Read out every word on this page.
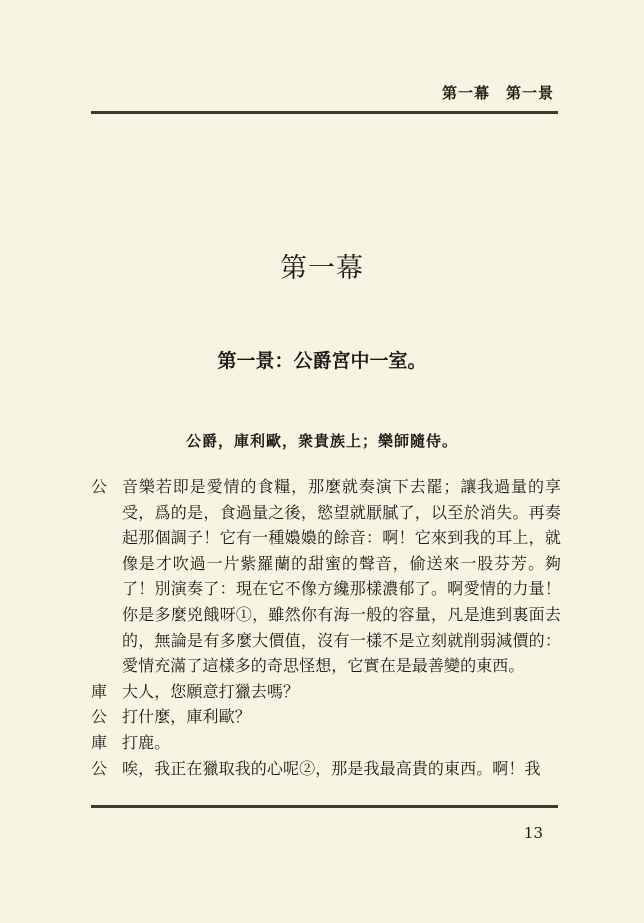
第一幕　第一景
第一幕
第一景：公爵宮中一室。
公爵，庫利歐，衆貴族上；樂師隨侍。
公 音樂若即是愛情的食糧，那麼就奏演下去罷；讓我過量的享受，爲的是，食過量之後，慾望就厭膩了，以至於消失。再奏起那個調子！它有一種嬝嬝的餘音：啊！它來到我的耳上，就像是才吹過一片紫羅蘭的甜蜜的聲音，偷送來一股芬芳。夠了！別演奏了：現在它不像方纔那樣濃郁了。啊愛情的力量！你是多麼兇餓呀①，雖然你有海一般的容量，凡是進到裏面去的，無論是有多麼大價值，沒有一樣不是立刻就削弱減價的：愛情充滿了這樣多的奇思怪想，它實在是最善變的東西。
庫 大人，您願意打獵去嗎？
公 打什麼，庫利歐？
庫 打鹿。
公 唉，我正在獵取我的心呢②，那是我最高貴的東西。啊！我
13
